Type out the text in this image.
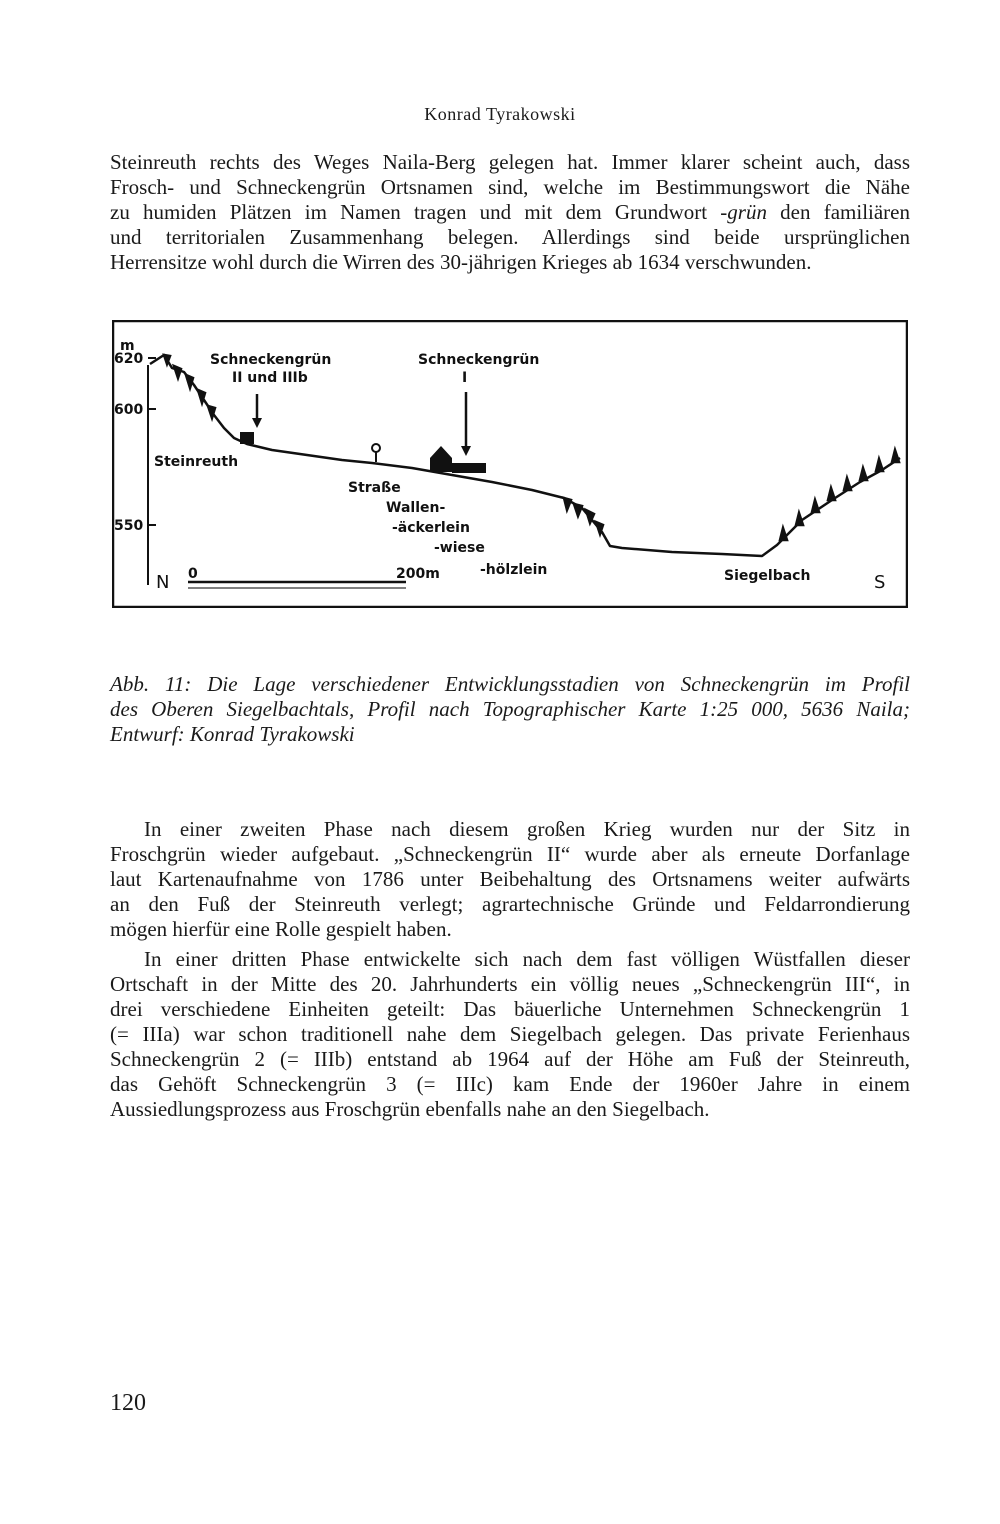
Konrad Tyrakowski
Steinreuth rechts des Weges Naila-Berg gelegen hat. Immer klarer scheint auch, dass
Frosch- und Schneckengrün Ortsnamen sind, welche im Bestimmungswort die Nähe
zu humiden Plätzen im Namen tragen und mit dem Grundwort -grün den familiären
und territorialen Zusammenhang belegen. Allerdings sind beide ursprünglichen
Herrensitze wohl durch die Wirren des 30-jährigen Krieges ab 1634 verschwunden.
m
620
600
550
Schneckengrün
II und IIIb
Schneckengrün
I
Steinreuth
Straße
Wallen-
-äckerlein
-wiese
-hölzlein	Siegelbach
N	S
0	200m
Abb. 11: Die Lage verschiedener Entwicklungsstadien von Schneckengrün im Profil
des Oberen Siegelbachtals, Profil nach Topographischer Karte 1:25 000, 5636 Naila;
Entwurf: Konrad Tyrakowski
In einer zweiten Phase nach diesem großen Krieg wurden nur der Sitz in
Froschgrün wieder aufgebaut. „Schneckengrün II“ wurde aber als erneute Dorfanlage
laut Kartenaufnahme von 1786 unter Beibehaltung des Ortsnamens weiter aufwärts
an den Fuß der Steinreuth verlegt; agrartechnische Gründe und Feldarrondierung
mögen hierfür eine Rolle gespielt haben.
In einer dritten Phase entwickelte sich nach dem fast völligen Wüstfallen dieser
Ortschaft in der Mitte des 20. Jahrhunderts ein völlig neues „Schneckengrün III“, in
drei verschiedene Einheiten geteilt: Das bäuerliche Unternehmen Schneckengrün 1
(= IIIa) war schon traditionell nahe dem Siegelbach gelegen. Das private Ferienhaus
Schneckengrün 2 (= IIIb) entstand ab 1964 auf der Höhe am Fuß der Steinreuth,
das Gehöft Schneckengrün 3 (= IIIc) kam Ende der 1960er Jahre in einem
Aussiedlungsprozess aus Froschgrün ebenfalls nahe an den Siegelbach.
120
